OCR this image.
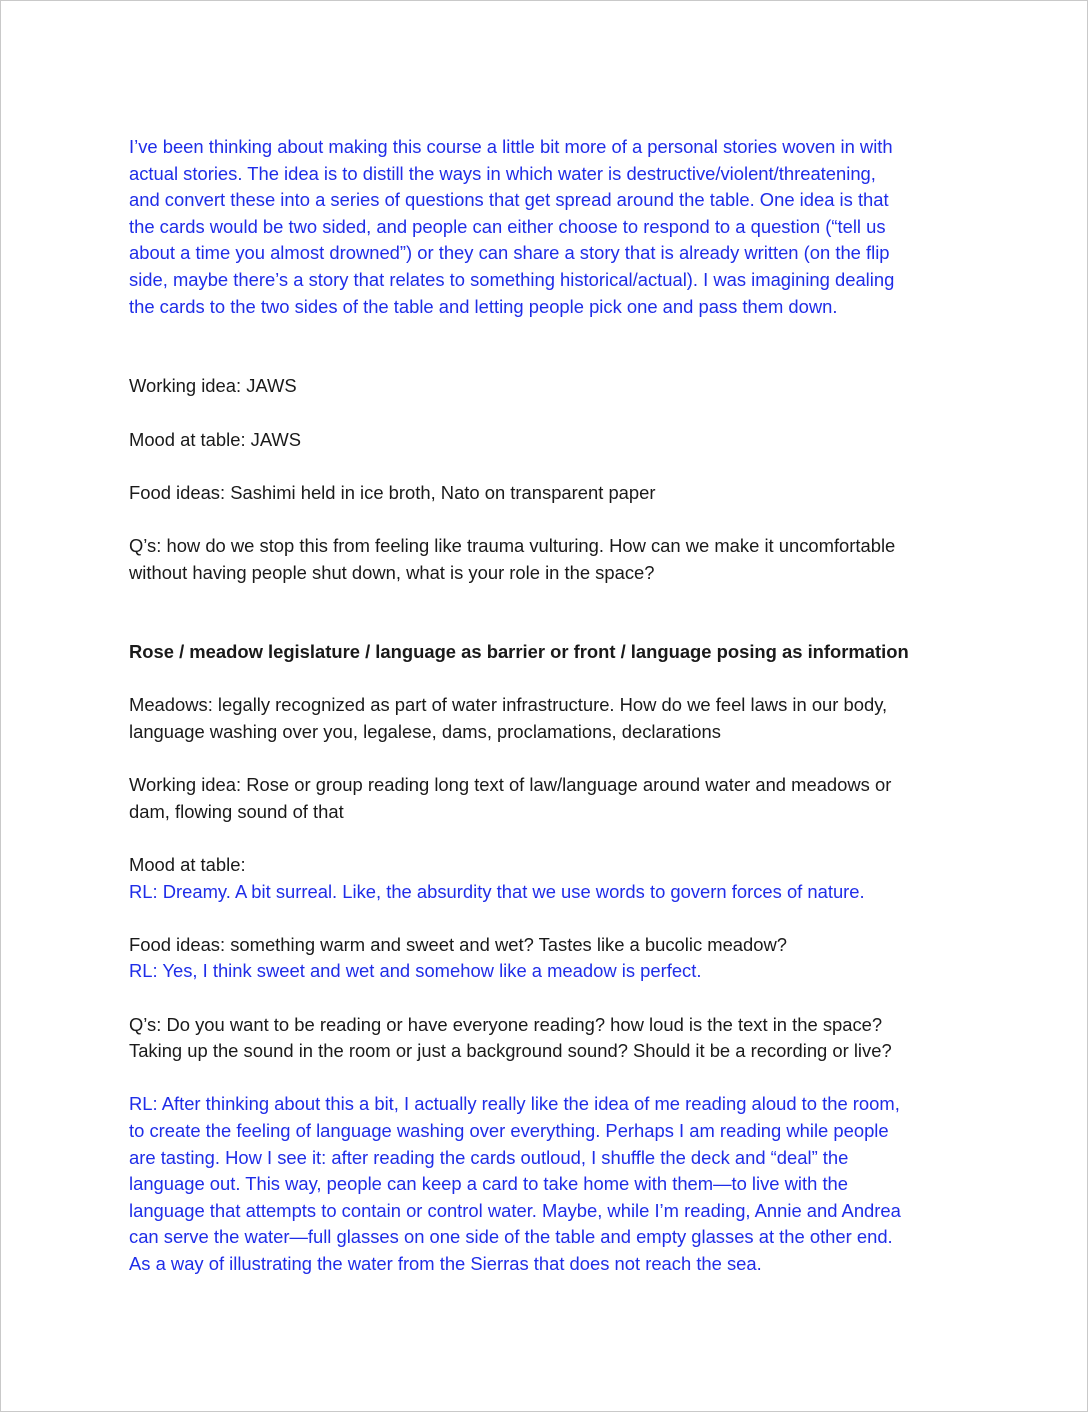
I’ve been thinking about making this course a little bit more of a personal stories woven in with
actual stories. The idea is to distill the ways in which water is destructive/violent/threatening,
and convert these into a series of questions that get spread around the table. One idea is that
the cards would be two sided, and people can either choose to respond to a question (“tell us
about a time you almost drowned”) or they can share a story that is already written (on the flip
side, maybe there’s a story that relates to something historical/actual). I was imagining dealing
the cards to the two sides of the table and letting people pick one and pass them down.

Working idea: JAWS

Mood at table: JAWS

Food ideas: Sashimi held in ice broth, Nato on transparent paper

Q’s: how do we stop this from feeling like trauma vulturing. How can we make it uncomfortable
without having people shut down, what is your role in the space?

Rose / meadow legislature / language as barrier or front / language posing as information

Meadows: legally recognized as part of water infrastructure. How do we feel laws in our body,
language washing over you, legalese, dams, proclamations, declarations

Working idea: Rose or group reading long text of law/language around water and meadows or
dam, flowing sound of that

Mood at table:
RL: Dreamy. A bit surreal. Like, the absurdity that we use words to govern forces of nature.

Food ideas: something warm and sweet and wet? Tastes like a bucolic meadow?
RL: Yes, I think sweet and wet and somehow like a meadow is perfect.

Q’s: Do you want to be reading or have everyone reading? how loud is the text in the space?
Taking up the sound in the room or just a background sound? Should it be a recording or live?

RL: After thinking about this a bit, I actually really like the idea of me reading aloud to the room,
to create the feeling of language washing over everything. Perhaps I am reading while people
are tasting. How I see it: after reading the cards outloud, I shuffle the deck and “deal” the
language out. This way, people can keep a card to take home with them—to live with the
language that attempts to contain or control water. Maybe, while I’m reading, Annie and Andrea
can serve the water—full glasses on one side of the table and empty glasses at the other end.
As a way of illustrating the water from the Sierras that does not reach the sea.
